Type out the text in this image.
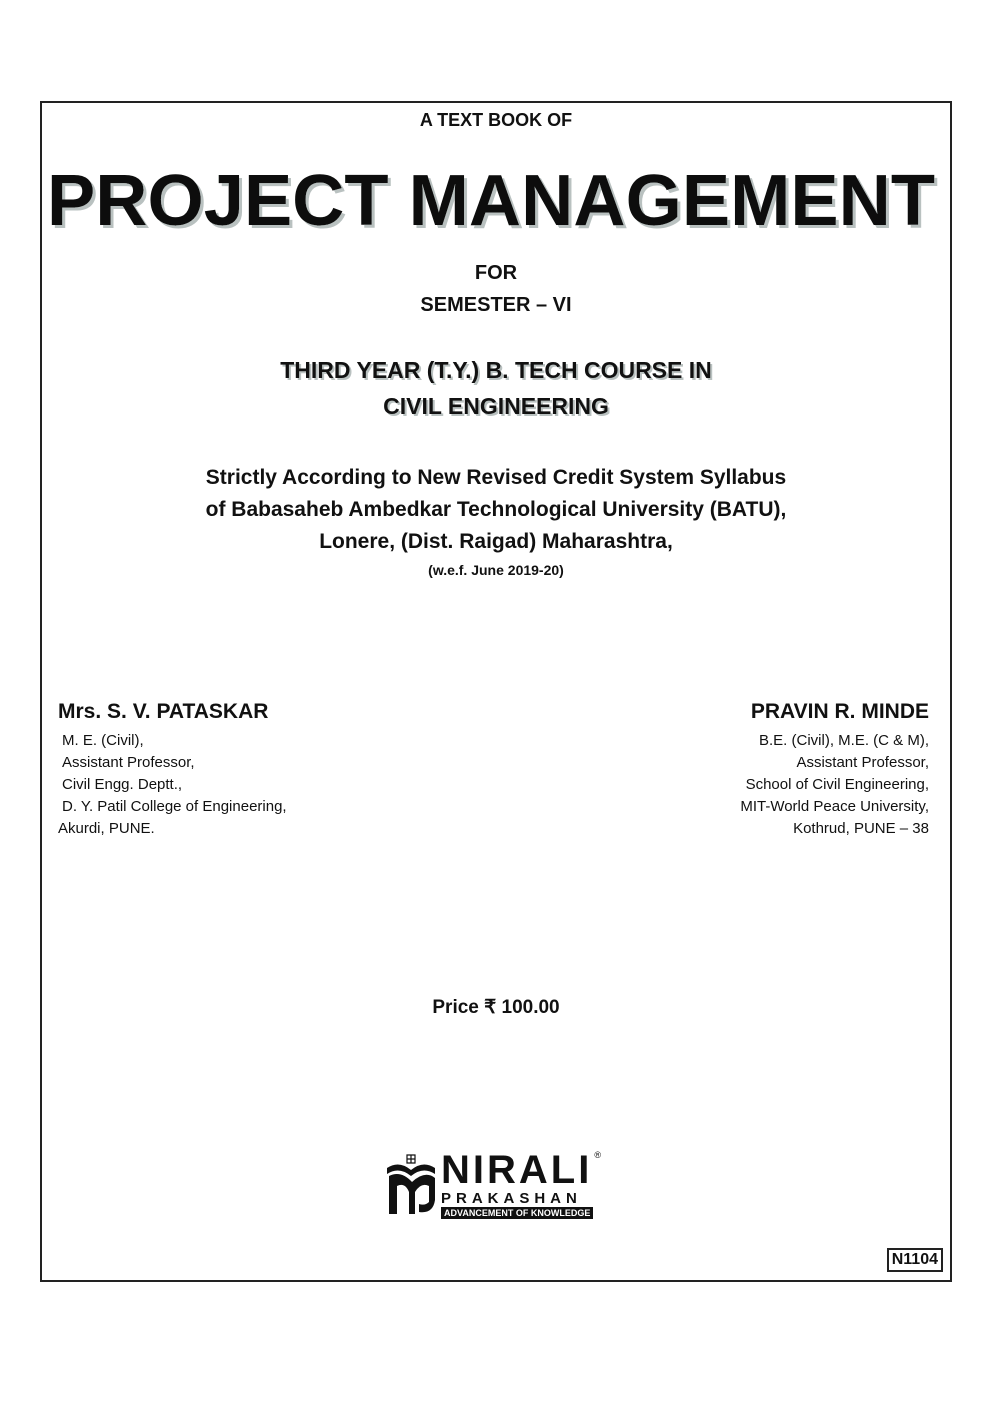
A TEXT BOOK OF
PROJECT MANAGEMENT
FOR
SEMESTER – VI
THIRD YEAR (T.Y.) B. TECH COURSE IN
CIVIL ENGINEERING
Strictly According to New Revised Credit System Syllabus
of Babasaheb Ambedkar Technological University (BATU),
Lonere, (Dist. Raigad) Maharashtra,
(w.e.f. June 2019-20)
Mrs. S. V. PATASKAR
M. E. (Civil),
Assistant Professor,
Civil Engg. Deptt.,
D. Y. Patil College of Engineering,
Akurdi, PUNE.
PRAVIN R. MINDE
B.E. (Civil), M.E. (C & M),
Assistant Professor,
School of Civil Engineering,
MIT-World Peace University,
Kothrud, PUNE – 38
Price ₹ 100.00
NIRALI ®
PRAKASHAN
ADVANCEMENT OF KNOWLEDGE
N1104
